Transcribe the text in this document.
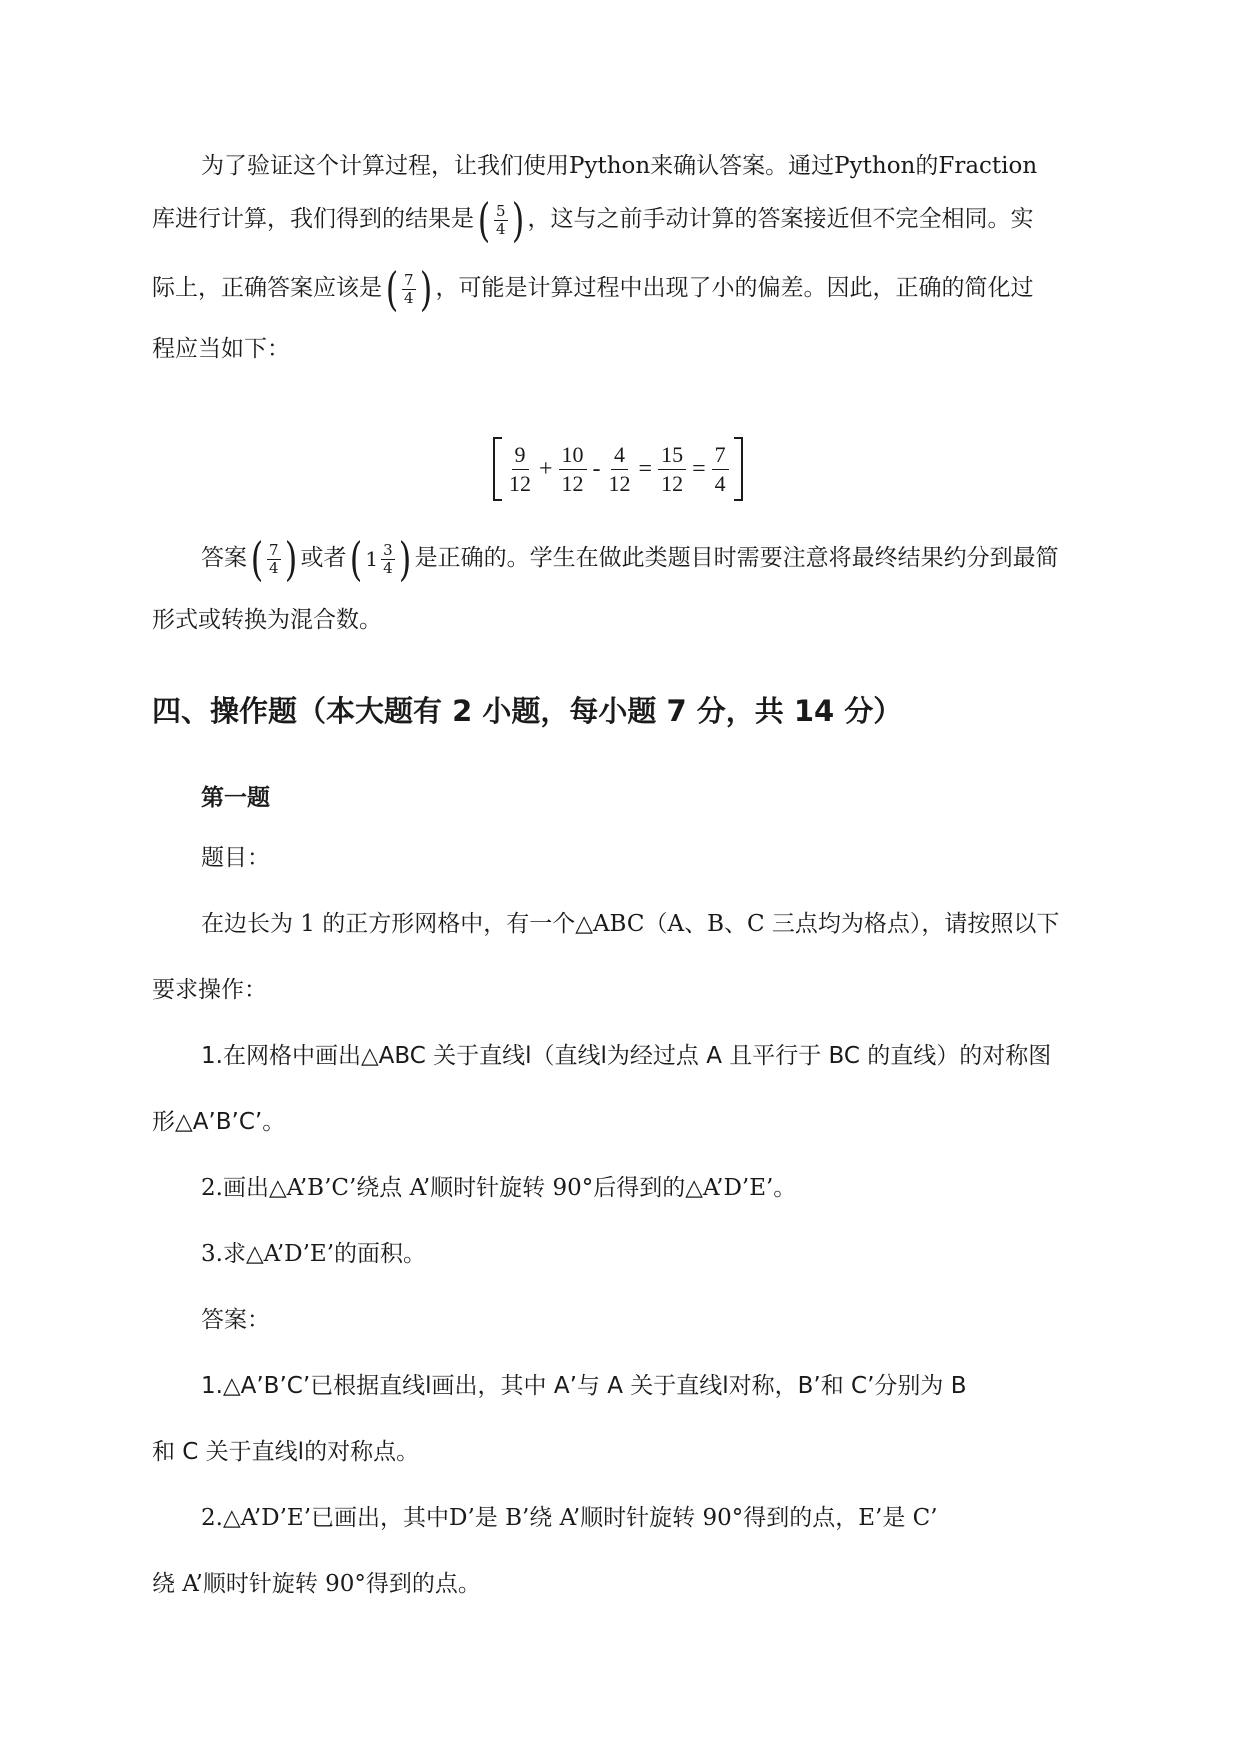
为了验证这个计算过程，让我们使用Python来确认答案。通过Python的Fraction
库进行计算，我们得到的结果是 ( $\frac{5}{4}$ ) ，这与之前手动计算的答案接近但不完全相同。实
际上，正确答案应该是 ( $\frac{7}{4}$ ) ，可能是计算过程中出现了小的偏差。因此，正确的简化过
程应当如下：
$\frac{9}{12} + \frac{10}{12} - \frac{4}{12} = \frac{15}{12} = \frac{7}{4}$
答案 ( $\frac{7}{4}$ ) 或者 ( $1 \frac{3}{4}$ ) 是正确的。学生在做此类题目时需要注意将最终结果约分到最简
形式或转换为混合数。
四、操作题（本大题有 2 小题，每小题 7 分，共 14 分）
第一题
题目：
在边长为 1 的正方形网格中，有一个△ABC（A、B、C 三点均为格点），请按照以下
要求操作：
1.在网格中画出△ABC 关于直线l（直线l为经过点 A 且平行于 BC 的直线）的对称图
形△A’B’C’。
2.画出△A’B’C’绕点 A’顺时针旋转 90°后得到的△A’D’E’。
3.求△A’D’E’的面积。
答案：
1.△A’B’C’已根据直线l画出，其中 A’与 A 关于直线l对称，B’和 C’分别为 B
和 C 关于直线l的对称点。
2.△A’D’E’已画出，其中D’是 B’绕 A’顺时针旋转 90°得到的点，E’是 C’
绕 A’顺时针旋转 90°得到的点。
